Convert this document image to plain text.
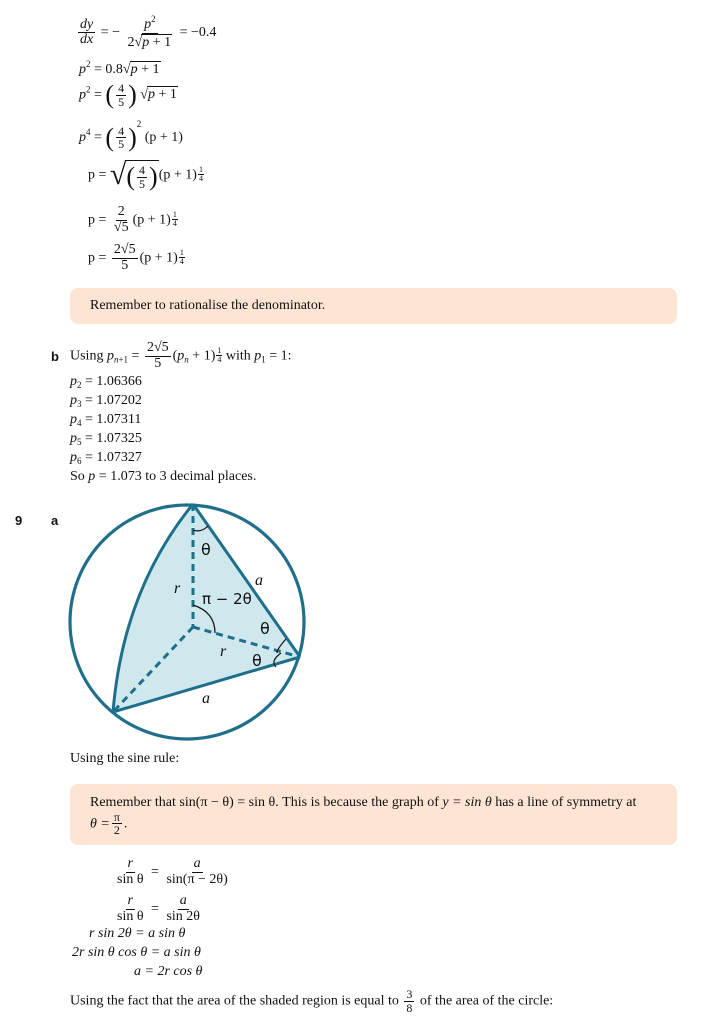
$\frac{dy}{dx}$ = − $\frac{p^2}{2√p + 1} = -0.4$
$p^2 = 0.8√p + 1$
$p^2$ = ( $\frac{4}{5}$ ) √p + 1
$p^4$ = ( $\frac{4}{5} )^2$ (p + 1)
p = √( $\frac{4}{5} )(p + 1) \frac{1}{4}$
$p = \frac{2}{√5} (p + 1) \frac{1}{4}$
$p = \frac{2√5}{5} (p + 1) \frac{1}{4}$
Remember to rationalise the denominator.
b Using $p_{n+1} = \frac{2√5}{5} (p_n + 1) \frac{1}{4}$ with $p_1 = 1$:
$p_2 = 1.06366$
$p_3 = 1.07202$
$p_4 = 1.07311$
$p_5 = 1.07325$
$p_6 = 1.07327$
So p = 1.073 to 3 decimal places.
9 a
θ
r	a
π − 2θ
θ
r θ
a
Using the sine rule:
Remember that sin(π − θ) = sin θ. This is because the graph of y = sin θ has a line of symmetry at
$\theta = \frac{\pi}{2}$ .
$\frac{r}{\text{sin θ}} = \frac{a}{\sin(\pi - 2\theta)}$
$\frac{r}{\text{sin θ}} = \frac{a}{\sin 2\theta}$
r sin 2θ = a sin θ
2r sin θ cos θ = a sin θ
a = 2r cos θ
Using the fact that the area of the shaded region is equal to $\frac{3}{8}$ of the area of the circle:
